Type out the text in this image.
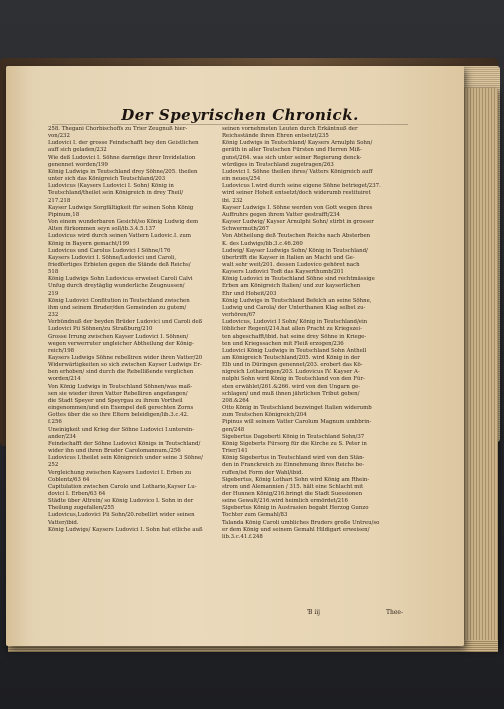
Der Speyrischen Chronick.
258. Thegani Chorbischoffs zu Trier Zeugnuß hier-
von/232
Ludovici I. der grosse Feindschafft bey den Geistlichen
auff sich geladen/232
Wie deß Ludovici I. Söhne darmüge ihrer Invidelation
genennet worden/199
König Ludwigs in Teutschland drey Söhne/205. theilen
unter sich das Königreich Teutschland/203
Ludovicus (Kaysers Ludovici I. Sohn) König in
Teutschland/theilet sein Königreich in drey Theil/
217.218
Kayser Ludwigs Sorgfältigkeit für seinen Sohn König
Pipinum,18
Von einem wunderbaren Gesicht/so König Ludwig dem
Alten fürkommen seyn soll/ib.3.4.5.137
Ludovicus wird durch seinen Vattern Ludovic.I. zum
König in Bayern gemacht/199
Ludovicus und Carolus Ludovici I Söhne/176
Kaysers Ludovici I. Söhne/Ludovici und Caroli,
friedfertiges Erbieten gegen die Stände deß Reichs/
518
König Ludwigs Sohn Ludovicus erweiset Caroli Calvi
Unfug durch dreytäglig wunderliche Zeugnussen/
219
König Ludovici Confitution in Teutschland zwischen
ihm und seinem Bruder/den Gemeinden zu gutem/
232
Verbündnuß der beyden Brüder Ludovici und Caroli deß
Ludovici Pii Söhnen/zu Straßburg/210
Grosse Irrung zwischen Kayser Ludovici I. Söhnen/
wegen verwerruter ungleicher Abtheilung der König-
reich/198
Kaysers Ludwigs Söhne rebelliren wider ihren Vatter/20
Widerwärtigkeiten so sich zwischen Kayser Ludwigs Er-
ben erhoben/ sind durch die Rebellißende verglichen
worden/214
Von König Ludwigs in Teutschland Söhnen/was maß-
sen sie wieder ihren Vatter Rebelliren angefangen/
die Stadt Speyer und Speyrgau zu ihrem Vortheil
eingenommen/und ein Exempel deß gerechten Zorns
Gottes über die so ihre Eltern beleidigen/lib.3.c.42.
f.256
Uneinigkeit und Krieg der Söhne Ludovici I.unterein-
ander/234
Feindschafft der Söhne Ludovici Königs in Teutschland/
wider ihn und ihren Bruder Carolomannum./256
Ludovicus I.theilet sein Königreich under seine 3 Söhne/
252
Vergleichung zwischen Kaysers Ludovici I. Erben zu
Coblentz/63 64
Capitulation zwischen Carolo und Lothario,Kayser Lu-
dovici I. Erben/63 64
Städte über Altrein/ so König Ludovico I. Sohn in der
Theilung zugefallen/255
Ludovicus,Ludovici Pii Sohn/20.rebellirt wider seinen
Vatter/ibid.
König Ludwigs/ Kaysers Ludovici I. Sohn hat etliche auß
seinen vornehmsten Leuten durch Erkäntnuß der
Reichsstände ihren Ehren entsetzt/235
König Ludwigs in Teutschland/ Kaysers Arnulphi Sohn/
geräth in aller Teutschen Fürsten und Herren Miß-
gunst/264. was sich unter seiner Regierung denck-
würdiges in Teutschland zugetragen/263
Ludovici I. Söhne theilen ihres/ Vatters Königreich auff
ein neues/254
Ludovicus I.wird durch seine eigene Söhne betrieget/237.
wird seiner Hoheit entsetzt/doch widerumb restituiret
ibi. 232
Kayser Ludwigs I. Söhne werden von Gott wegen ihres
Auffruhrs gegen ihrem Vatter gestrafft/234
Kayser Ludwig/ Kayser Arnulphi Sohn/ stirbt in grosser
Schwermuth/267
Von Abtheilung deß Teutschen Reichs nach Absterben
K. des Ludwigs/lib.3.c.46.260
Ludwig/ Kayser Ludwigs Sohn/ König in Teutschland/
übertrifft die Kayser in Italien an Macht und Ge-
walt sehr weit/201. dessen Ludovico gehöret nach
Kaysers Ludovici Todt das Kayserthumb/201
König Ludovici in Teutschland Söhne sind rechtmässige
Erben am Königreich Italien/ und zur kayserlichen
Ehr und Hoheit/203
König Ludwigs in Teutschland Befelch an seine Söhne,
Ludwig und Carola/ der Unterthanen Klag selbst zu-
verhören/67
Ludovicus, Ludovici I Sohn/ König in Teutschland/ein
löblicher Regent/214.hat allen Pracht zu Kriegszei-
ten abgeschafft/ibid. hat seine drey Söhne in Kriege-
ten und Kriegssachen mit Fleiß erzogen/236
Ludovici König Ludwigs in Teutschland Sohn Anthell
am Königreich Teutschland/205. wird König in der
Elb und in Düringen genennet/203. erobert das Kö-
nigreich Lotharingen/203. Ludovicus IV. Kayser A-
nulphi Sohn wird König in Teutschland von den Für-
sten erwählet/261.&266. wird von den Ungarn ge-
schlagen/ und muß ihnen jährlichen Tribut geben/
208.&264
Otto König in Teutschland bezwinget Italien widerumb
zum Teutschen Königreich/204
Pipinus will seinem Vatter Carolum Magnum umbbrin-
gen/248
Sigebertus Dagoberti König in Teutschland Sohn/37
König Sigeberts Fürsorg für die Kirche zu S. Peter in
Trier/141
König Sigebertus in Teutschland wird von den Stän-
den in Franckreich zu Einnehmung ihres Reichs be-
ruffen/ist Form der Wahl/ibid.
Sigebertus, König Lothari Sohn wird König am Rhein-
strom und Alemannien / 315. hält eine Schlacht mit
der Hunnen König/216.bringt die Stadt Suessionen
seine Gewalt/216.wird heimlich ermördet/216
Sigebertus König in Austrasien begabt Herzog Gunzo
Tochter zum Gemahl/83
Talanda König Caroli umbliches Bruders große Untreu/so
er dem König und seinem Gemahl Hildigart erweisen/
lib.3.c.41.f.248
Ɓ iij	Thee-
